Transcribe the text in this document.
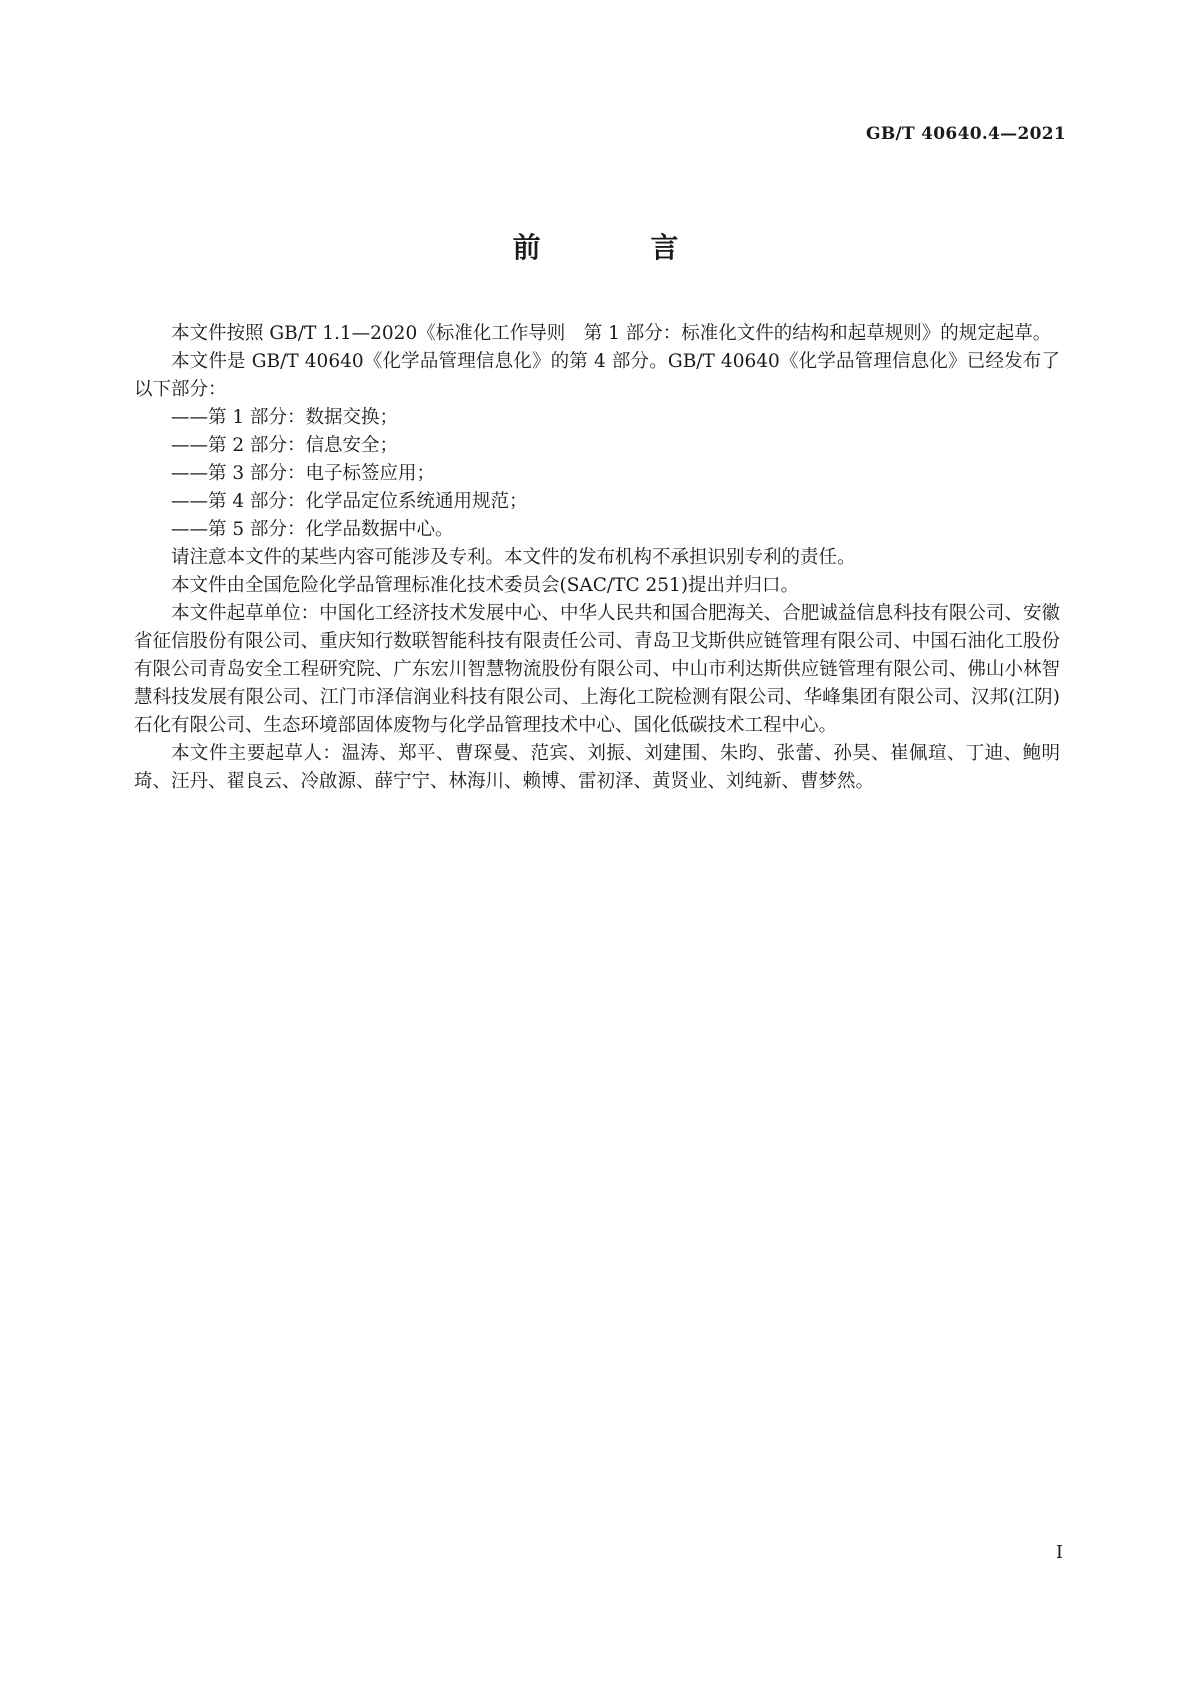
GB/T 40640.4—2021
前 言

本文件按照 GB/T 1.1—2020《标准化工作导则　第 1 部分：标准化文件的结构和起草规则》的规定起草。

本文件是 GB/T 40640《化学品管理信息化》的第 4 部分。GB/T 40640《化学品管理信息化》已经发布了以下部分：

——第 1 部分：数据交换；

——第 2 部分：信息安全；

——第 3 部分：电子标签应用；

——第 4 部分：化学品定位系统通用规范；

——第 5 部分：化学品数据中心。

请注意本文件的某些内容可能涉及专利。本文件的发布机构不承担识别专利的责任。

本文件由全国危险化学品管理标准化技术委员会(SAC/TC 251)提出并归口。

本文件起草单位：中国化工经济技术发展中心、中华人民共和国合肥海关、合肥诚益信息科技有限公司、安徽省征信股份有限公司、重庆知行数联智能科技有限责任公司、青岛卫戈斯供应链管理有限公司、中国石油化工股份有限公司青岛安全工程研究院、广东宏川智慧物流股份有限公司、中山市利达斯供应链管理有限公司、佛山小林智慧科技发展有限公司、江门市泽信润业科技有限公司、上海化工院检测有限公司、华峰集团有限公司、汉邦(江阴)石化有限公司、生态环境部固体废物与化学品管理技术中心、国化低碳技术工程中心。

本文件主要起草人：温涛、郑平、曹琛曼、范宾、刘振、刘建围、朱昀、张蕾、孙昊、崔佩瑄、丁迪、鲍明琦、汪丹、翟良云、冷啟源、薛宁宁、林海川、赖博、雷初泽、黄贤业、刘纯新、曹梦然。

I
